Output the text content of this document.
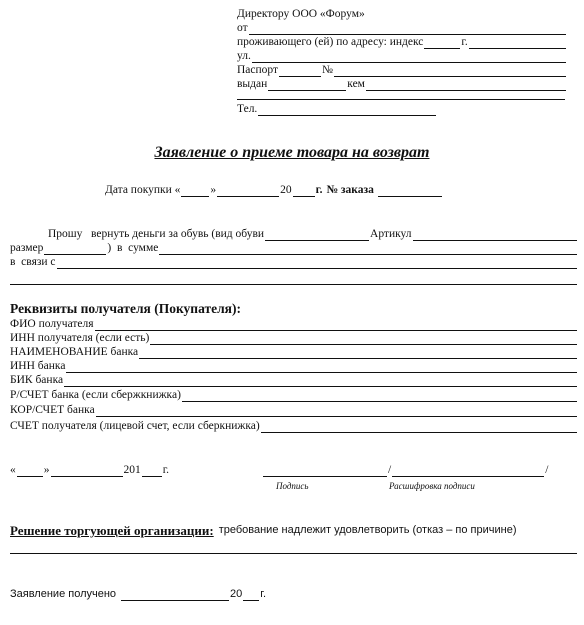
Директору ООО «Форум»
от
проживающего (ей) по адресу: индекс	г.
ул.
Паспорт	№
выдан	кем
Тел.
Заявление о приеме товара на возврат
Дата покупки «	»	20 г. № заказа
Прошу   вернуть деньги за обувь (вид обуви	Артикул
размер	)  в  сумме
в  связи с
Реквизиты получателя (Покупателя):
ФИО получателя
ИНН получателя (если есть)
НАИМЕНОВАНИЕ банка
ИНН банка
БИК банка
Р/СЧЕТ банка (если сбержкнижка)
КОР/СЧЕТ банка
СЧЕТ получателя (лицевой счет, если сберкнижка)
« »	201 г.	/	/
Подпись	Расшифровка подписи
Решение торгующей организации: требование надлежит удовлетворить (отказ – по причине)
Заявление получено	20 г.
